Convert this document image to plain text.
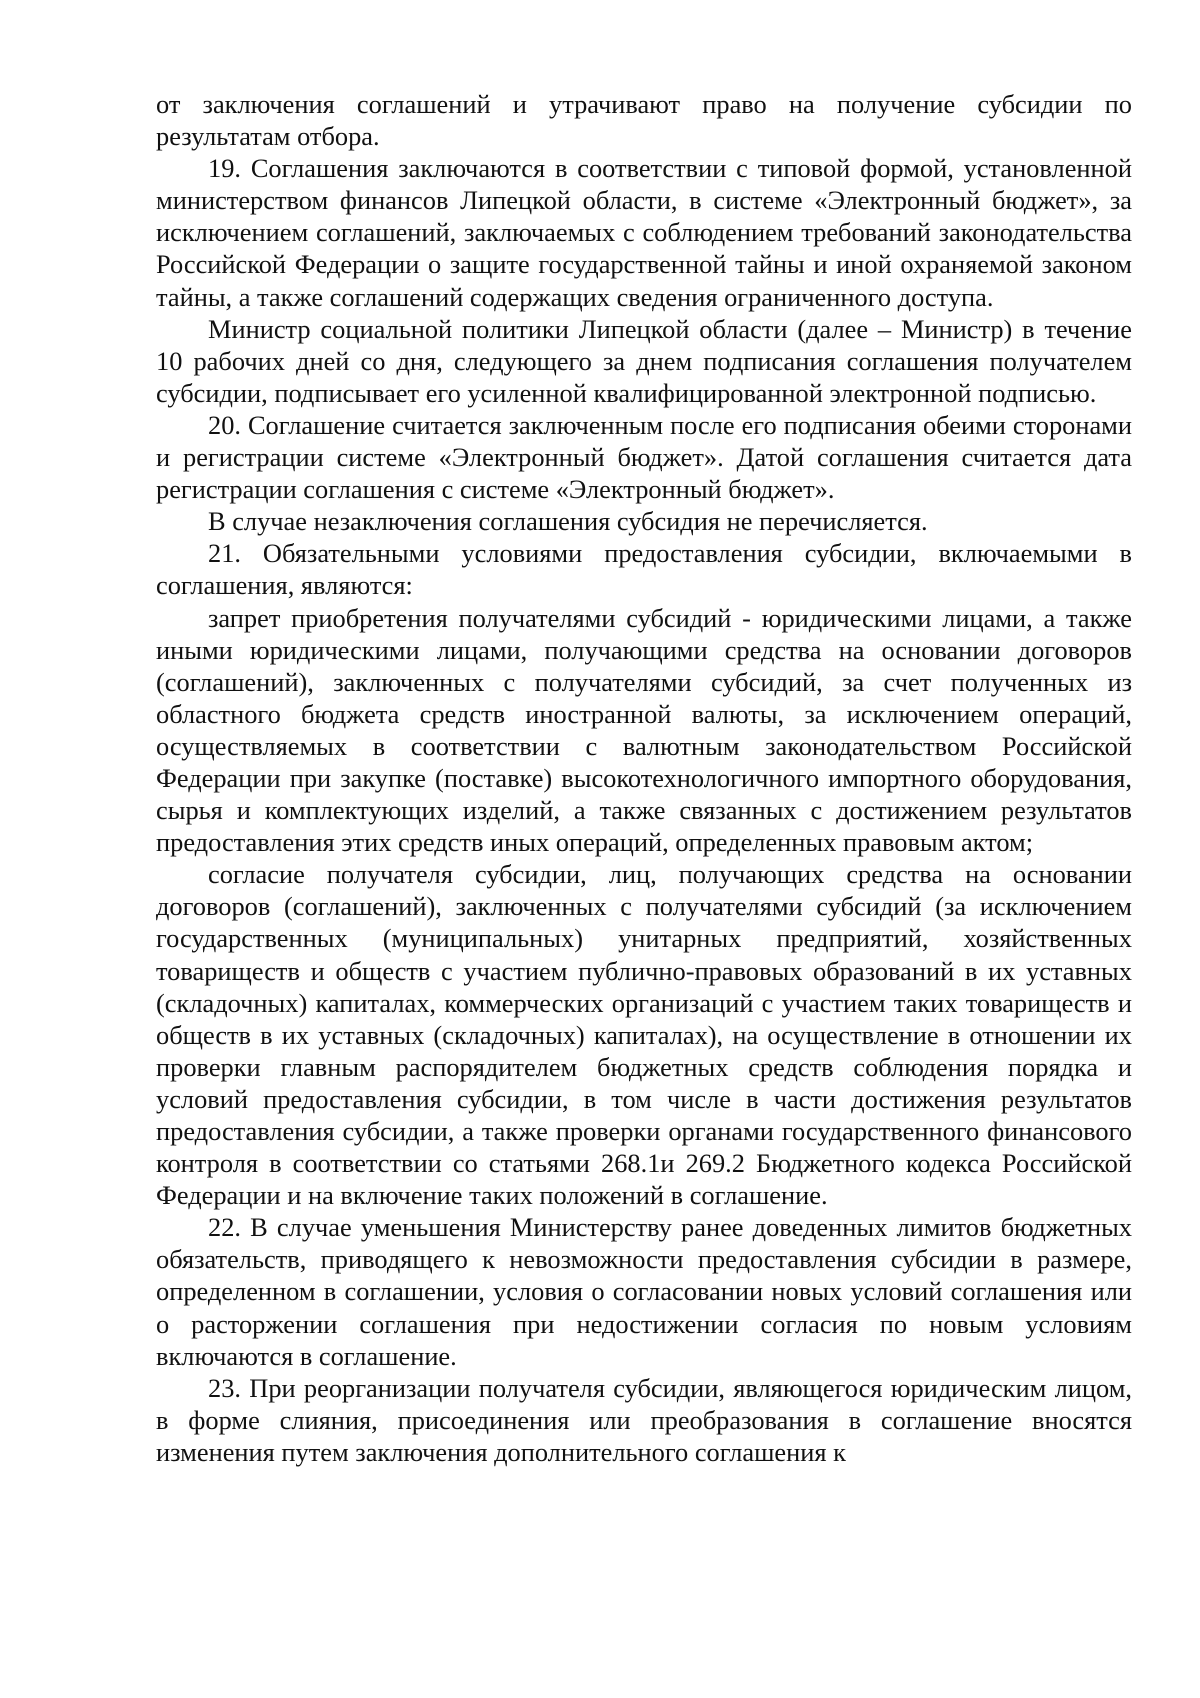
от заключения соглашений и утрачивают право на получение субсидии по результатам отбора.

19. Соглашения заключаются в соответствии с типовой формой, установленной министерством финансов Липецкой области, в системе «Электронный бюджет», за исключением соглашений, заключаемых с соблюдением требований законодательства Российской Федерации о защите государственной тайны и иной охраняемой законом тайны, а также соглашений содержащих сведения ограниченного доступа.

Министр социальной политики Липецкой области (далее – Министр) в течение 10 рабочих дней со дня, следующего за днем подписания соглашения получателем субсидии, подписывает его усиленной квалифицированной электронной подписью.

20. Соглашение считается заключенным после его подписания обеими сторонами и регистрации системе «Электронный бюджет». Датой соглашения считается дата регистрации соглашения с системе «Электронный бюджет».

В случае незаключения соглашения субсидия не перечисляется.

21. Обязательными условиями предоставления субсидии, включаемыми в соглашения, являются:

запрет приобретения получателями субсидий - юридическими лицами, а также иными юридическими лицами, получающими средства на основании договоров (соглашений), заключенных с получателями субсидий, за счет полученных из областного бюджета средств иностранной валюты, за исключением операций, осуществляемых в соответствии с валютным законодательством Российской Федерации при закупке (поставке) высокотехнологичного импортного оборудования, сырья и комплектующих изделий, а также связанных с достижением результатов предоставления этих средств иных операций, определенных правовым актом;

согласие получателя субсидии, лиц, получающих средства на основании договоров (соглашений), заключенных с получателями субсидий (за исключением государственных (муниципальных) унитарных предприятий, хозяйственных товариществ и обществ с участием публично-правовых образований в их уставных (складочных) капиталах, коммерческих организаций с участием таких товариществ и обществ в их уставных (складочных) капиталах), на осуществление в отношении их проверки главным распорядителем бюджетных средств соблюдения порядка и условий предоставления субсидии, в том числе в части достижения результатов предоставления субсидии, а также проверки органами государственного финансового контроля в соответствии со статьями 268.1и 269.2 Бюджетного кодекса Российской Федерации и на включение таких положений в соглашение.

22. В случае уменьшения Министерству ранее доведенных лимитов бюджетных обязательств, приводящего к невозможности предоставления субсидии в размере, определенном в соглашении, условия о согласовании новых условий соглашения или о расторжении соглашения при недостижении согласия по новым условиям включаются в соглашение.

23. При реорганизации получателя субсидии, являющегося юридическим лицом, в форме слияния, присоединения или преобразования в соглашение вносятся изменения путем заключения дополнительного соглашения к
